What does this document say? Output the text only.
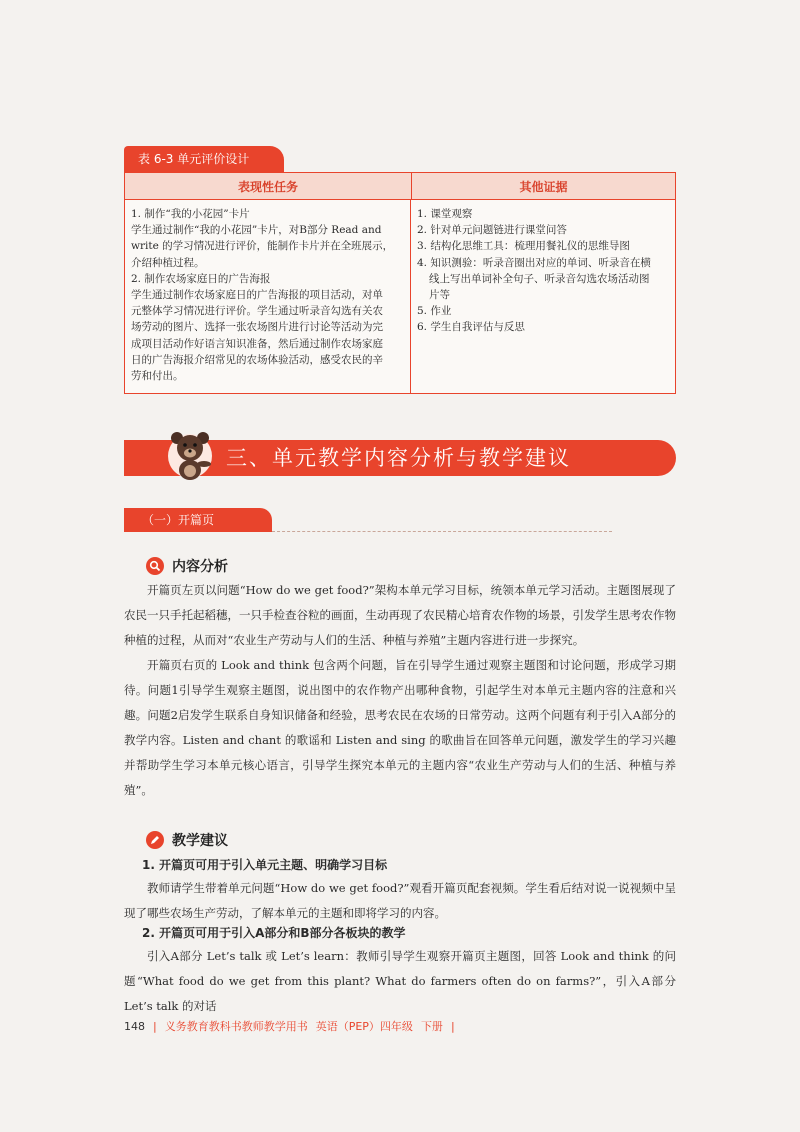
表 6-3 单元评价设计
表现性任务	其他证据
1. 制作“我的小花园”卡片
学生通过制作“我的小花园”卡片，对B部分 Read and
write 的学习情况进行评价，能制作卡片并在全班展示，
介绍种植过程。
2. 制作农场家庭日的广告海报
学生通过制作农场家庭日的广告海报的项目活动，对单
元整体学习情况进行评价。学生通过听录音勾选有关农
场劳动的图片、选择一张农场图片进行讨论等活动为完
成项目活动作好语言知识准备，然后通过制作农场家庭
日的广告海报介绍常见的农场体验活动，感受农民的辛
劳和付出。
1. 课堂观察
2. 针对单元问题链进行课堂问答
3. 结构化思维工具：梳理用餐礼仪的思维导图
4. 知识测验：听录音圈出对应的单词、听录音在横
线上写出单词补全句子、听录音勾选农场活动图
片等
5. 作业
6. 学生自我评估与反思
三、单元教学内容分析与教学建议
（一）开篇页
内容分析

开篇页左页以问题“How do we get food?”架构本单元学习目标，统领本单元学习活动。主题图展现了农民一只手托起稻穗，一只手检查谷粒的画面，生动再现了农民精心培育农作物的场景，引发学生思考农作物种植的过程，从而对“农业生产劳动与人们的生活、种植与养殖”主题内容进行进一步探究。

开篇页右页的 Look and think 包含两个问题，旨在引导学生通过观察主题图和讨论问题，形成学习期待。问题1引导学生观察主题图，说出图中的农作物产出哪种食物，引起学生对本单元主题内容的注意和兴趣。问题2启发学生联系自身知识储备和经验，思考农民在农场的日常劳动。这两个问题有利于引入A部分的教学内容。Listen and chant 的歌谣和 Listen and sing 的歌曲旨在回答单元问题，激发学生的学习兴趣并帮助学生学习本单元核心语言，引导学生探究本单元的主题内容“农业生产劳动与人们的生活、种植与养殖”。

教学建议
1. 开篇页可用于引入单元主题、明确学习目标

教师请学生带着单元问题“How do we get food?”观看开篇页配套视频。学生看后结对说一说视频中呈现了哪些农场生产劳动，了解本单元的主题和即将学习的内容。

2. 开篇页可用于引入A部分和B部分各板块的教学

引入A部分 Let’s talk 或 Let’s learn：教师引导学生观察开篇页主题图，回答 Look and think 的问题“What food do we get from this plant? What do farmers often do on farms?”，引入A部分 Let’s talk 的对话

148 | 义务教育教科书教师教学用书 英语（PEP）四年级 下册 |
